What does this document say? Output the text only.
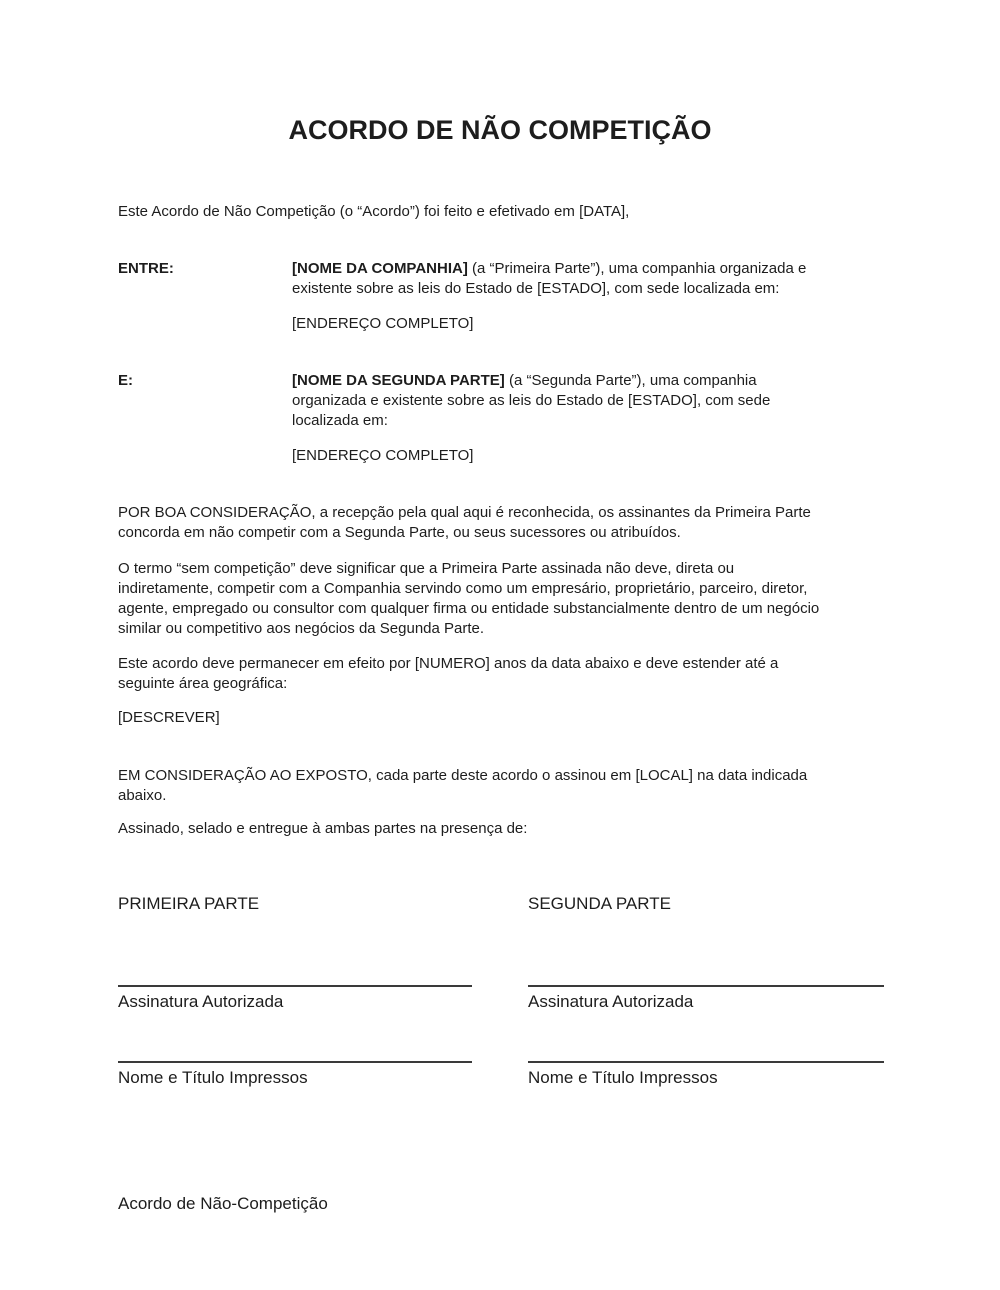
ACORDO DE NÃO COMPETIÇÃO
Este Acordo de Não Competição (o “Acordo”) foi feito e efetivado em [DATA],
ENTRE:	[NOME DA COMPANHIA] (a “Primeira Parte”), uma companhia organizada e
existente sobre as leis do Estado de [ESTADO], com sede localizada em:
[ENDEREÇO COMPLETO]
E:	[NOME DA SEGUNDA PARTE] (a “Segunda Parte”), uma companhia
organizada e existente sobre as leis do Estado de [ESTADO], com sede
localizada em:
[ENDEREÇO COMPLETO]
POR BOA CONSIDERAÇÃO, a recepção pela qual aqui é reconhecida, os assinantes da Primeira Parte
concorda em não competir com a Segunda Parte, ou seus sucessores ou atribuídos.
O termo “sem competição” deve significar que a Primeira Parte assinada não deve, direta ou
indiretamente, competir com a Companhia servindo como um empresário, proprietário, parceiro, diretor,
agente, empregado ou consultor com qualquer firma ou entidade substancialmente dentro de um negócio
similar ou competitivo aos negócios da Segunda Parte.
Este acordo deve permanecer em efeito por [NUMERO] anos da data abaixo e deve estender até a
seguinte área geográfica:
[DESCREVER]
EM CONSIDERAÇÃO AO EXPOSTO, cada parte deste acordo o assinou em [LOCAL] na data indicada
abaixo.
Assinado, selado e entregue à ambas partes na presença de:
PRIMEIRA PARTE	SEGUNDA PARTE
Assinatura Autorizada	Assinatura Autorizada
Nome e Título Impressos	Nome e Título Impressos
Acordo de Não-Competição
